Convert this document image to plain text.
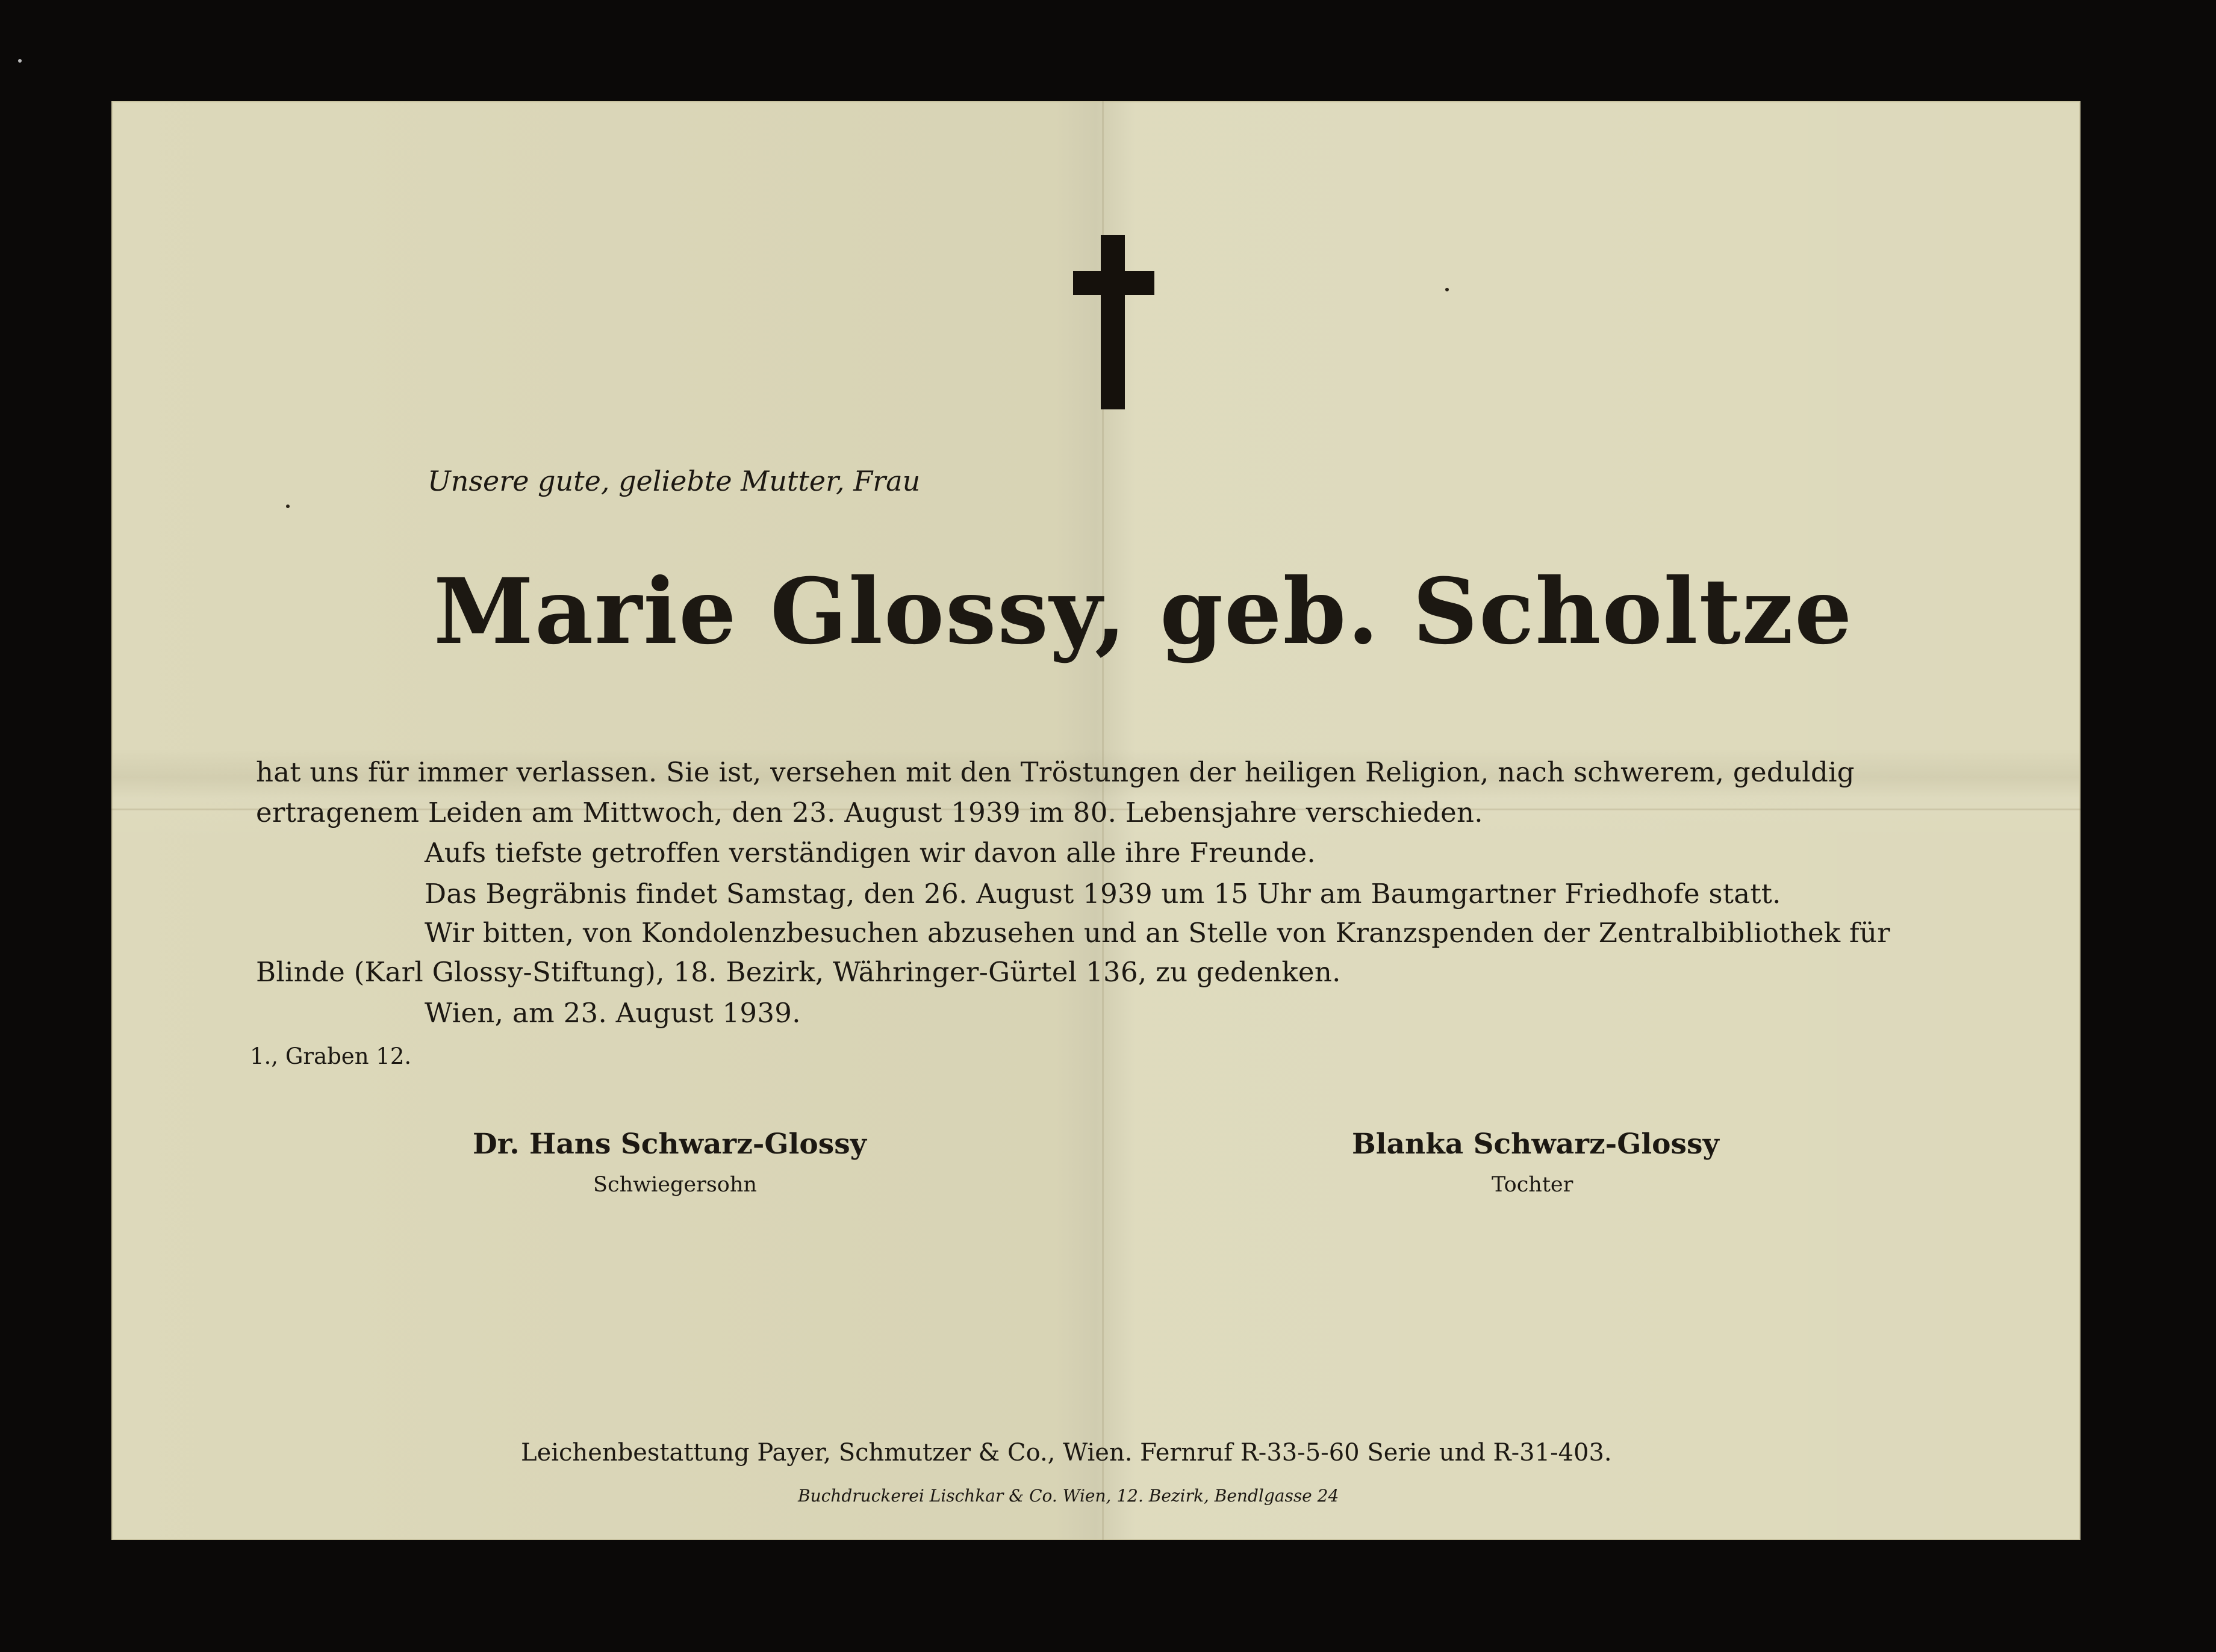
Unsere gute, geliebte Mutter, Frau

Marie Glossy, geb. Scholtze

hat uns für immer verlassen. Sie ist, versehen mit den Tröstungen der heiligen Religion, nach schwerem, geduldig

ertragenem Leiden am Mittwoch, den 23. August 1939 im 80. Lebensjahre verschieden.

Aufs tiefste getroffen verständigen wir davon alle ihre Freunde.

Das Begräbnis findet Samstag, den 26. August 1939 um 15 Uhr am Baumgartner Friedhofe statt.

Wir bitten, von Kondolenzbesuchen abzusehen und an Stelle von Kranzspenden der Zentralbibliothek für

Blinde (Karl Glossy-Stiftung), 18. Bezirk, Währinger-Gürtel 136, zu gedenken.

Wien, am 23. August 1939.

1., Graben 12.

Dr. Hans Schwarz-Glossy

Schwiegersohn

Blanka Schwarz-Glossy

Tochter

Leichenbestattung Payer, Schmutzer & Co., Wien. Fernruf R-33-5-60 Serie und R-31-403.

Buchdruckerei Lischkar & Co. Wien, 12. Bezirk, Bendlgasse 24
